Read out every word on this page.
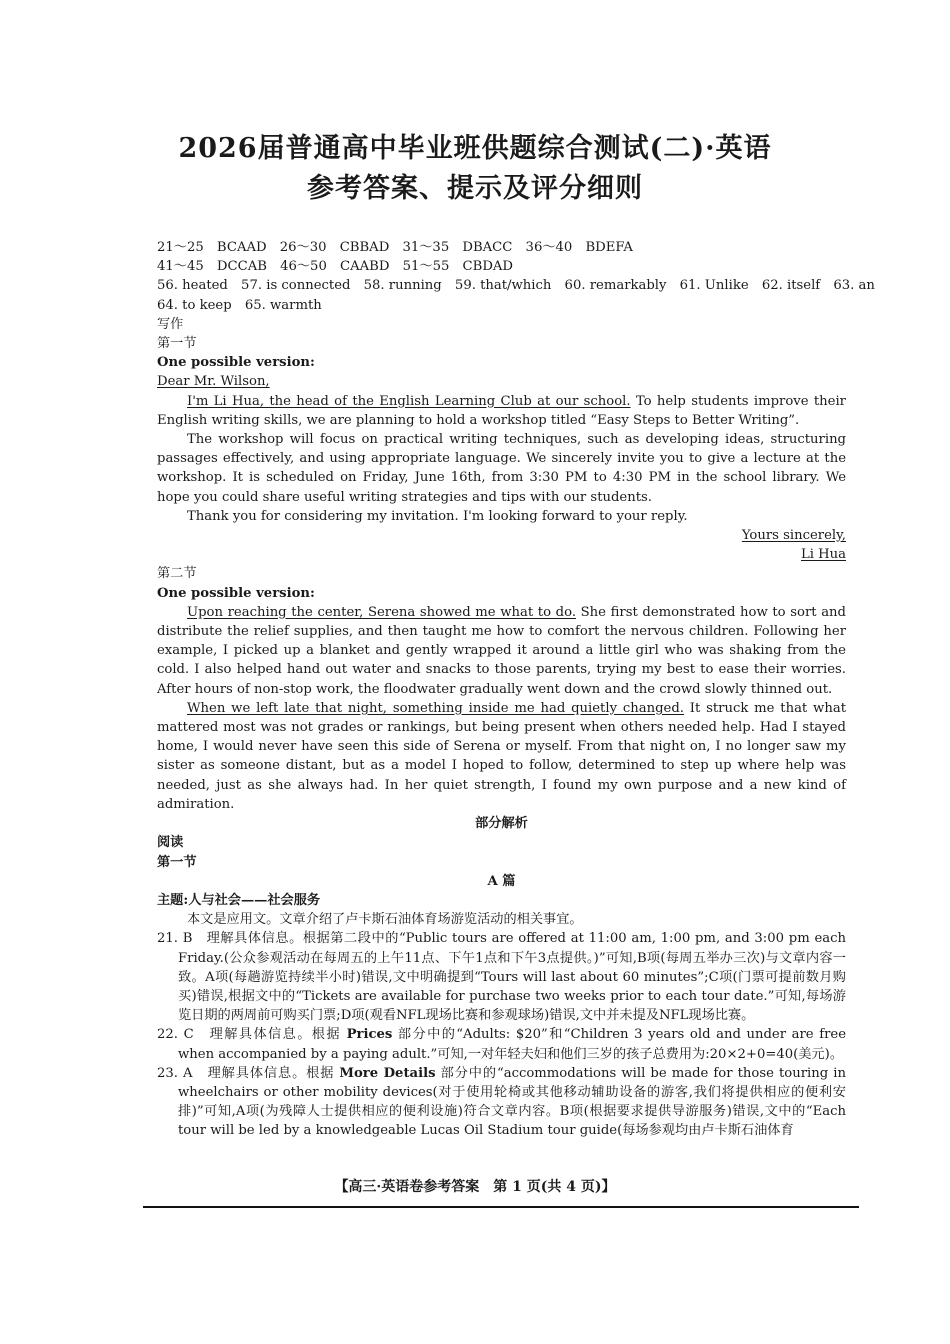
2026届普通高中毕业班供题综合测试(二)·英语
参考答案、提示及评分细则
21～25　BCAAD　26～30　CBBAD　31～35　DBACC　36～40　BDEFA
41～45　DCCAB　46～50　CAABD　51～55　CBDAD
56. heated　57. is connected　58. running　59. that/which　60. remarkably　61. Unlike　62. itself　63. an
64. to keep　65. warmth
写作
第一节
One possible version:
Dear Mr. Wilson,
I'm Li Hua, the head of the English Learning Club at our school. To help students improve their English writing skills, we are planning to hold a workshop titled “Easy Steps to Better Writing”.
The workshop will focus on practical writing techniques, such as developing ideas, structuring passages effectively, and using appropriate language. We sincerely invite you to give a lecture at the workshop. It is scheduled on Friday, June 16th, from 3:30 PM to 4:30 PM in the school library. We hope you could share useful writing strategies and tips with our students.
Thank you for considering my invitation. I'm looking forward to your reply.
Yours sincerely,
Li Hua
第二节
One possible version:
Upon reaching the center, Serena showed me what to do. She first demonstrated how to sort and distribute the relief supplies, and then taught me how to comfort the nervous children. Following her example, I picked up a blanket and gently wrapped it around a little girl who was shaking from the cold. I also helped hand out water and snacks to those parents, trying my best to ease their worries. After hours of non-stop work, the floodwater gradually went down and the crowd slowly thinned out.
When we left late that night, something inside me had quietly changed. It struck me that what mattered most was not grades or rankings, but being present when others needed help. Had I stayed home, I would never have seen this side of Serena or myself. From that night on, I no longer saw my sister as someone distant, but as a model I hoped to follow, determined to step up where help was needed, just as she always had. In her quiet strength, I found my own purpose and a new kind of admiration.
部分解析
阅读
第一节
A 篇
主题:人与社会——社会服务
本文是应用文。文章介绍了卢卡斯石油体育场游览活动的相关事宜。
21. B　理解具体信息。根据第二段中的“Public tours are offered at 11:00 am, 1:00 pm, and 3:00 pm each Friday.(公众参观活动在每周五的上午11点、下午1点和下午3点提供。)”可知,B项(每周五举办三次)与文章内容一致。A项(每趟游览持续半小时)错误,文中明确提到“Tours will last about 60 minutes”;C项(门票可提前数月购买)错误,根据文中的“Tickets are available for purchase two weeks prior to each tour date.”可知,每场游览日期的两周前可购买门票;D项(观看NFL现场比赛和参观球场)错误,文中并未提及NFL现场比赛。
22. C　理解具体信息。根据 Prices 部分中的“Adults: $20”和“Children 3 years old and under are free when accompanied by a paying adult.”可知,一对年轻夫妇和他们三岁的孩子总费用为:20×2+0=40(美元)。
23. A　理解具体信息。根据 More Details 部分中的“accommodations will be made for those touring in wheelchairs or other mobility devices(对于使用轮椅或其他移动辅助设备的游客,我们将提供相应的便利安排)”可知,A项(为残障人士提供相应的便利设施)符合文章内容。B项(根据要求提供导游服务)错误,文中的“Each tour will be led by a knowledgeable Lucas Oil Stadium tour guide(每场参观均由卢卡斯石油体育
【高三·英语卷参考答案　第 1 页(共 4 页)】
